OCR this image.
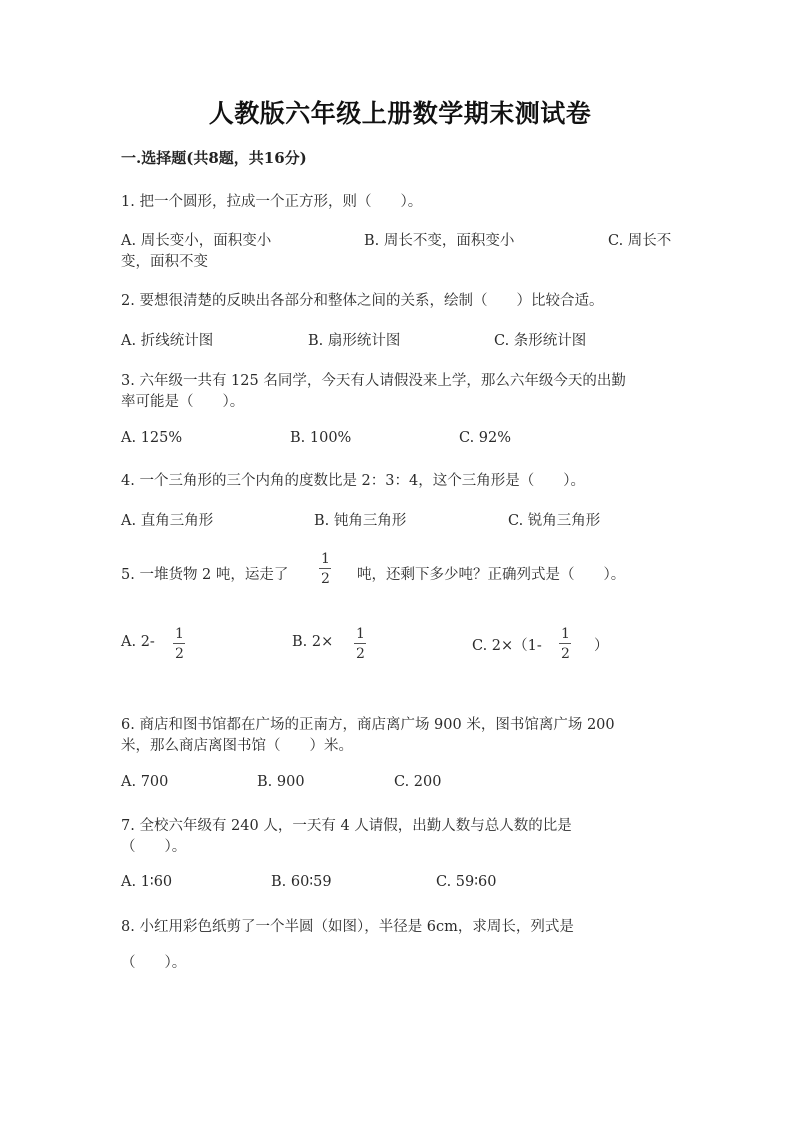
人教版六年级上册数学期末测试卷
一.选择题(共8题，共16分)
1. 把一个圆形，拉成一个正方形，则（　　）。
A. 周长变小，面积变小	B. 周长不变，面积变小	C. 周长不
变，面积不变
2. 要想很清楚的反映出各部分和整体之间的关系，绘制（　　）比较合适。
A. 折线统计图	B. 扇形统计图	C. 条形统计图
3. 六年级一共有 125 名同学，今天有人请假没来上学，那么六年级今天的出勤
率可能是（　　）。
A. 125%	B. 100%	C. 92%
4. 一个三角形的三个内角的度数比是 2：3：4，这个三角形是（　　）。
A. 直角三角形	B. 钝角三角形	C. 锐角三角形
5. 一堆货物 2 吨，运走了
1
2 吨，还剩下多少吨？正确列式是（　　）。
A. 2- 1
2
B. 2× 1
2	C. 2×（1-
1
2 ）
6. 商店和图书馆都在广场的正南方，商店离广场 900 米，图书馆离广场 200
米，那么商店离图书馆（　　）米。
A. 700	B. 900	C. 200
7. 全校六年级有 240 人，一天有 4 人请假，出勤人数与总人数的比是
（　　）。
A. 1∶60	B. 60∶59	C. 59∶60
8. 小红用彩色纸剪了一个半圆（如图），半径是 6cm，求周长，列式是
（　　）。
